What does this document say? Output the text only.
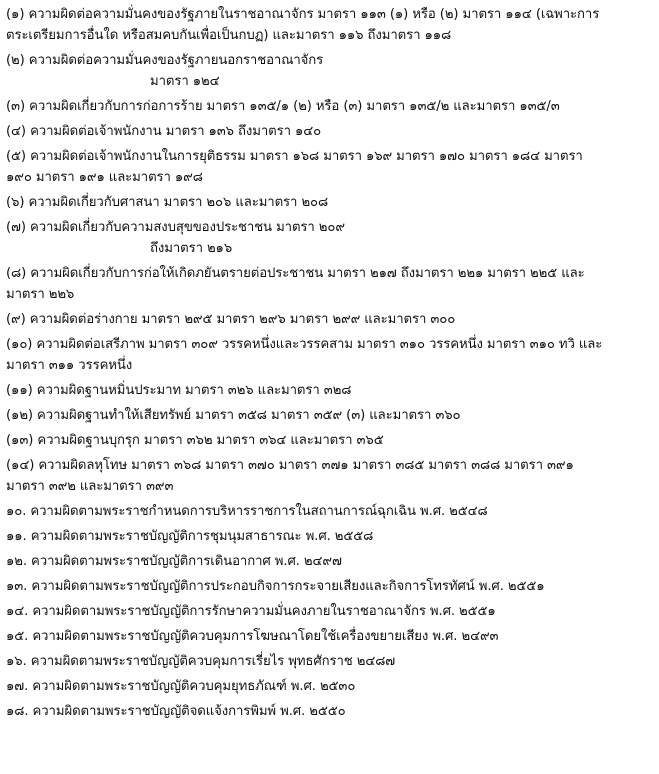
(๑) ความผิดต่อความมั่นคงของรัฐภายในราชอาณาจักร มาตรา ๑๑๓ (๑) หรือ (๒) มาตรา ๑๑๔ (เฉพาะการ
ตระเตรียมการอื่นใด หรือสมคบกันเพื่อเป็นกบฏ) และมาตรา ๑๑๖ ถึงมาตรา ๑๑๘

(๒) ความผิดต่อความมั่นคงของรัฐภายนอกราชอาณาจักร
มาตรา ๑๒๔

(๓) ความผิดเกี่ยวกับการก่อการร้าย มาตรา ๑๓๕/๑ (๒) หรือ (๓) มาตรา ๑๓๕/๒ และมาตรา ๑๓๕/๓

(๔) ความผิดต่อเจ้าพนักงาน มาตรา ๑๓๖ ถึงมาตรา ๑๔๐

(๕) ความผิดต่อเจ้าพนักงานในการยุติธรรม มาตรา ๑๖๘ มาตรา ๑๖๙ มาตรา ๑๗๐ มาตรา ๑๘๔ มาตรา
๑๙๐ มาตรา ๑๙๑ และมาตรา ๑๙๘

(๖) ความผิดเกี่ยวกับศาสนา มาตรา ๒๐๖ และมาตรา ๒๐๘

(๗) ความผิดเกี่ยวกับความสงบสุขของประชาชน มาตรา ๒๐๙
ถึงมาตรา ๒๑๖

(๘) ความผิดเกี่ยวกับการก่อให้เกิดภยันตรายต่อประชาชน มาตรา ๒๑๗ ถึงมาตรา ๒๒๑ มาตรา ๒๒๕ และ
มาตรา ๒๒๖

(๙) ความผิดต่อร่างกาย มาตรา ๒๙๕ มาตรา ๒๙๖ มาตรา ๒๙๙ และมาตรา ๓๐๐

(๑๐) ความผิดต่อเสรีภาพ มาตรา ๓๐๙ วรรคหนึ่งและวรรคสาม มาตรา ๓๑๐ วรรคหนึ่ง มาตรา ๓๑๐ ทวิ และ
มาตรา ๓๑๑ วรรคหนึ่ง

(๑๑) ความผิดฐานหมิ่นประมาท มาตรา ๓๒๖ และมาตรา ๓๒๘

(๑๒) ความผิดฐานทำให้เสียทรัพย์ มาตรา ๓๕๘ มาตรา ๓๕๙ (๓) และมาตรา ๓๖๐

(๑๓) ความผิดฐานบุกรุก มาตรา ๓๖๒ มาตรา ๓๖๔ และมาตรา ๓๖๕

(๑๔) ความผิดลหุโทษ มาตรา ๓๖๘ มาตรา ๓๗๐ มาตรา ๓๗๑ มาตรา ๓๘๕ มาตรา ๓๘๘ มาตรา ๓๙๑
มาตรา ๓๙๒ และมาตรา ๓๙๓

๑๐. ความผิดตามพระราชกำหนดการบริหารราชการในสถานการณ์ฉุกเฉิน พ.ศ. ๒๕๔๘

๑๑. ความผิดตามพระราชบัญญัติการชุมนุมสาธารณะ พ.ศ. ๒๕๕๘

๑๒. ความผิดตามพระราชบัญญัติการเดินอากาศ พ.ศ. ๒๔๙๗

๑๓. ความผิดตามพระราชบัญญัติการประกอบกิจการกระจายเสียงและกิจการโทรทัศน์ พ.ศ. ๒๕๕๑

๑๔. ความผิดตามพระราชบัญญัติการรักษาความมั่นคงภายในราชอาณาจักร พ.ศ. ๒๕๕๑

๑๕. ความผิดตามพระราชบัญญัติควบคุมการโฆษณาโดยใช้เครื่องขยายเสียง พ.ศ. ๒๔๙๓

๑๖. ความผิดตามพระราชบัญญัติควบคุมการเรี่ยไร พุทธศักราช ๒๔๘๗

๑๗. ความผิดตามพระราชบัญญัติควบคุมยุทธภัณฑ์ พ.ศ. ๒๕๓๐

๑๘. ความผิดตามพระราชบัญญัติจดแจ้งการพิมพ์ พ.ศ. ๒๕๕๐
